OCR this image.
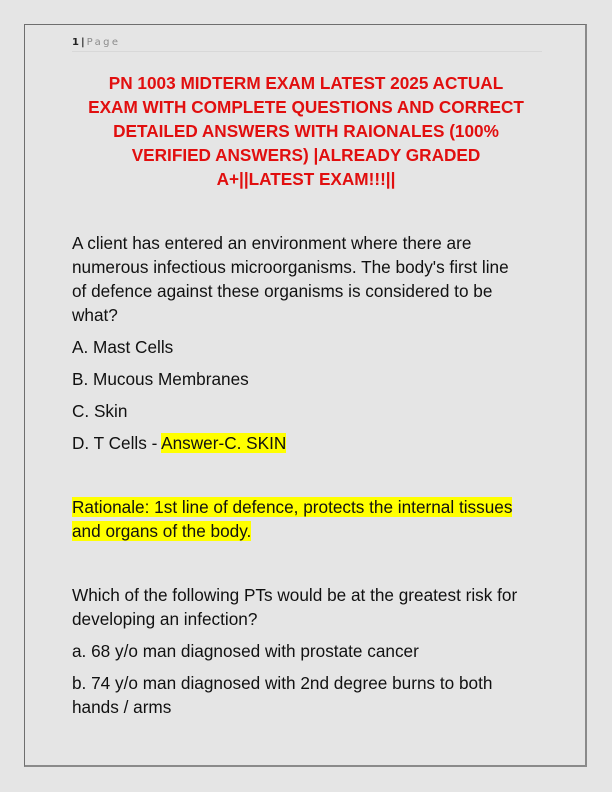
1 | Page
PN 1003 MIDTERM EXAM LATEST 2025 ACTUAL
EXAM WITH COMPLETE QUESTIONS AND CORRECT
DETAILED ANSWERS WITH RAIONALES (100%
VERIFIED ANSWERS) |ALREADY GRADED
A+||LATEST EXAM!!!||
A client has entered an environment where there are
numerous infectious microorganisms. The body's first line
of defence against these organisms is considered to be
what?
A. Mast Cells
B. Mucous Membranes
C. Skin
D. T Cells - Answer-C. SKIN
Rationale: 1st line of defence, protects the internal tissues
and organs of the body.
Which of the following PTs would be at the greatest risk for
developing an infection?
a. 68 y/o man diagnosed with prostate cancer
b. 74 y/o man diagnosed with 2nd degree burns to both
hands / arms
